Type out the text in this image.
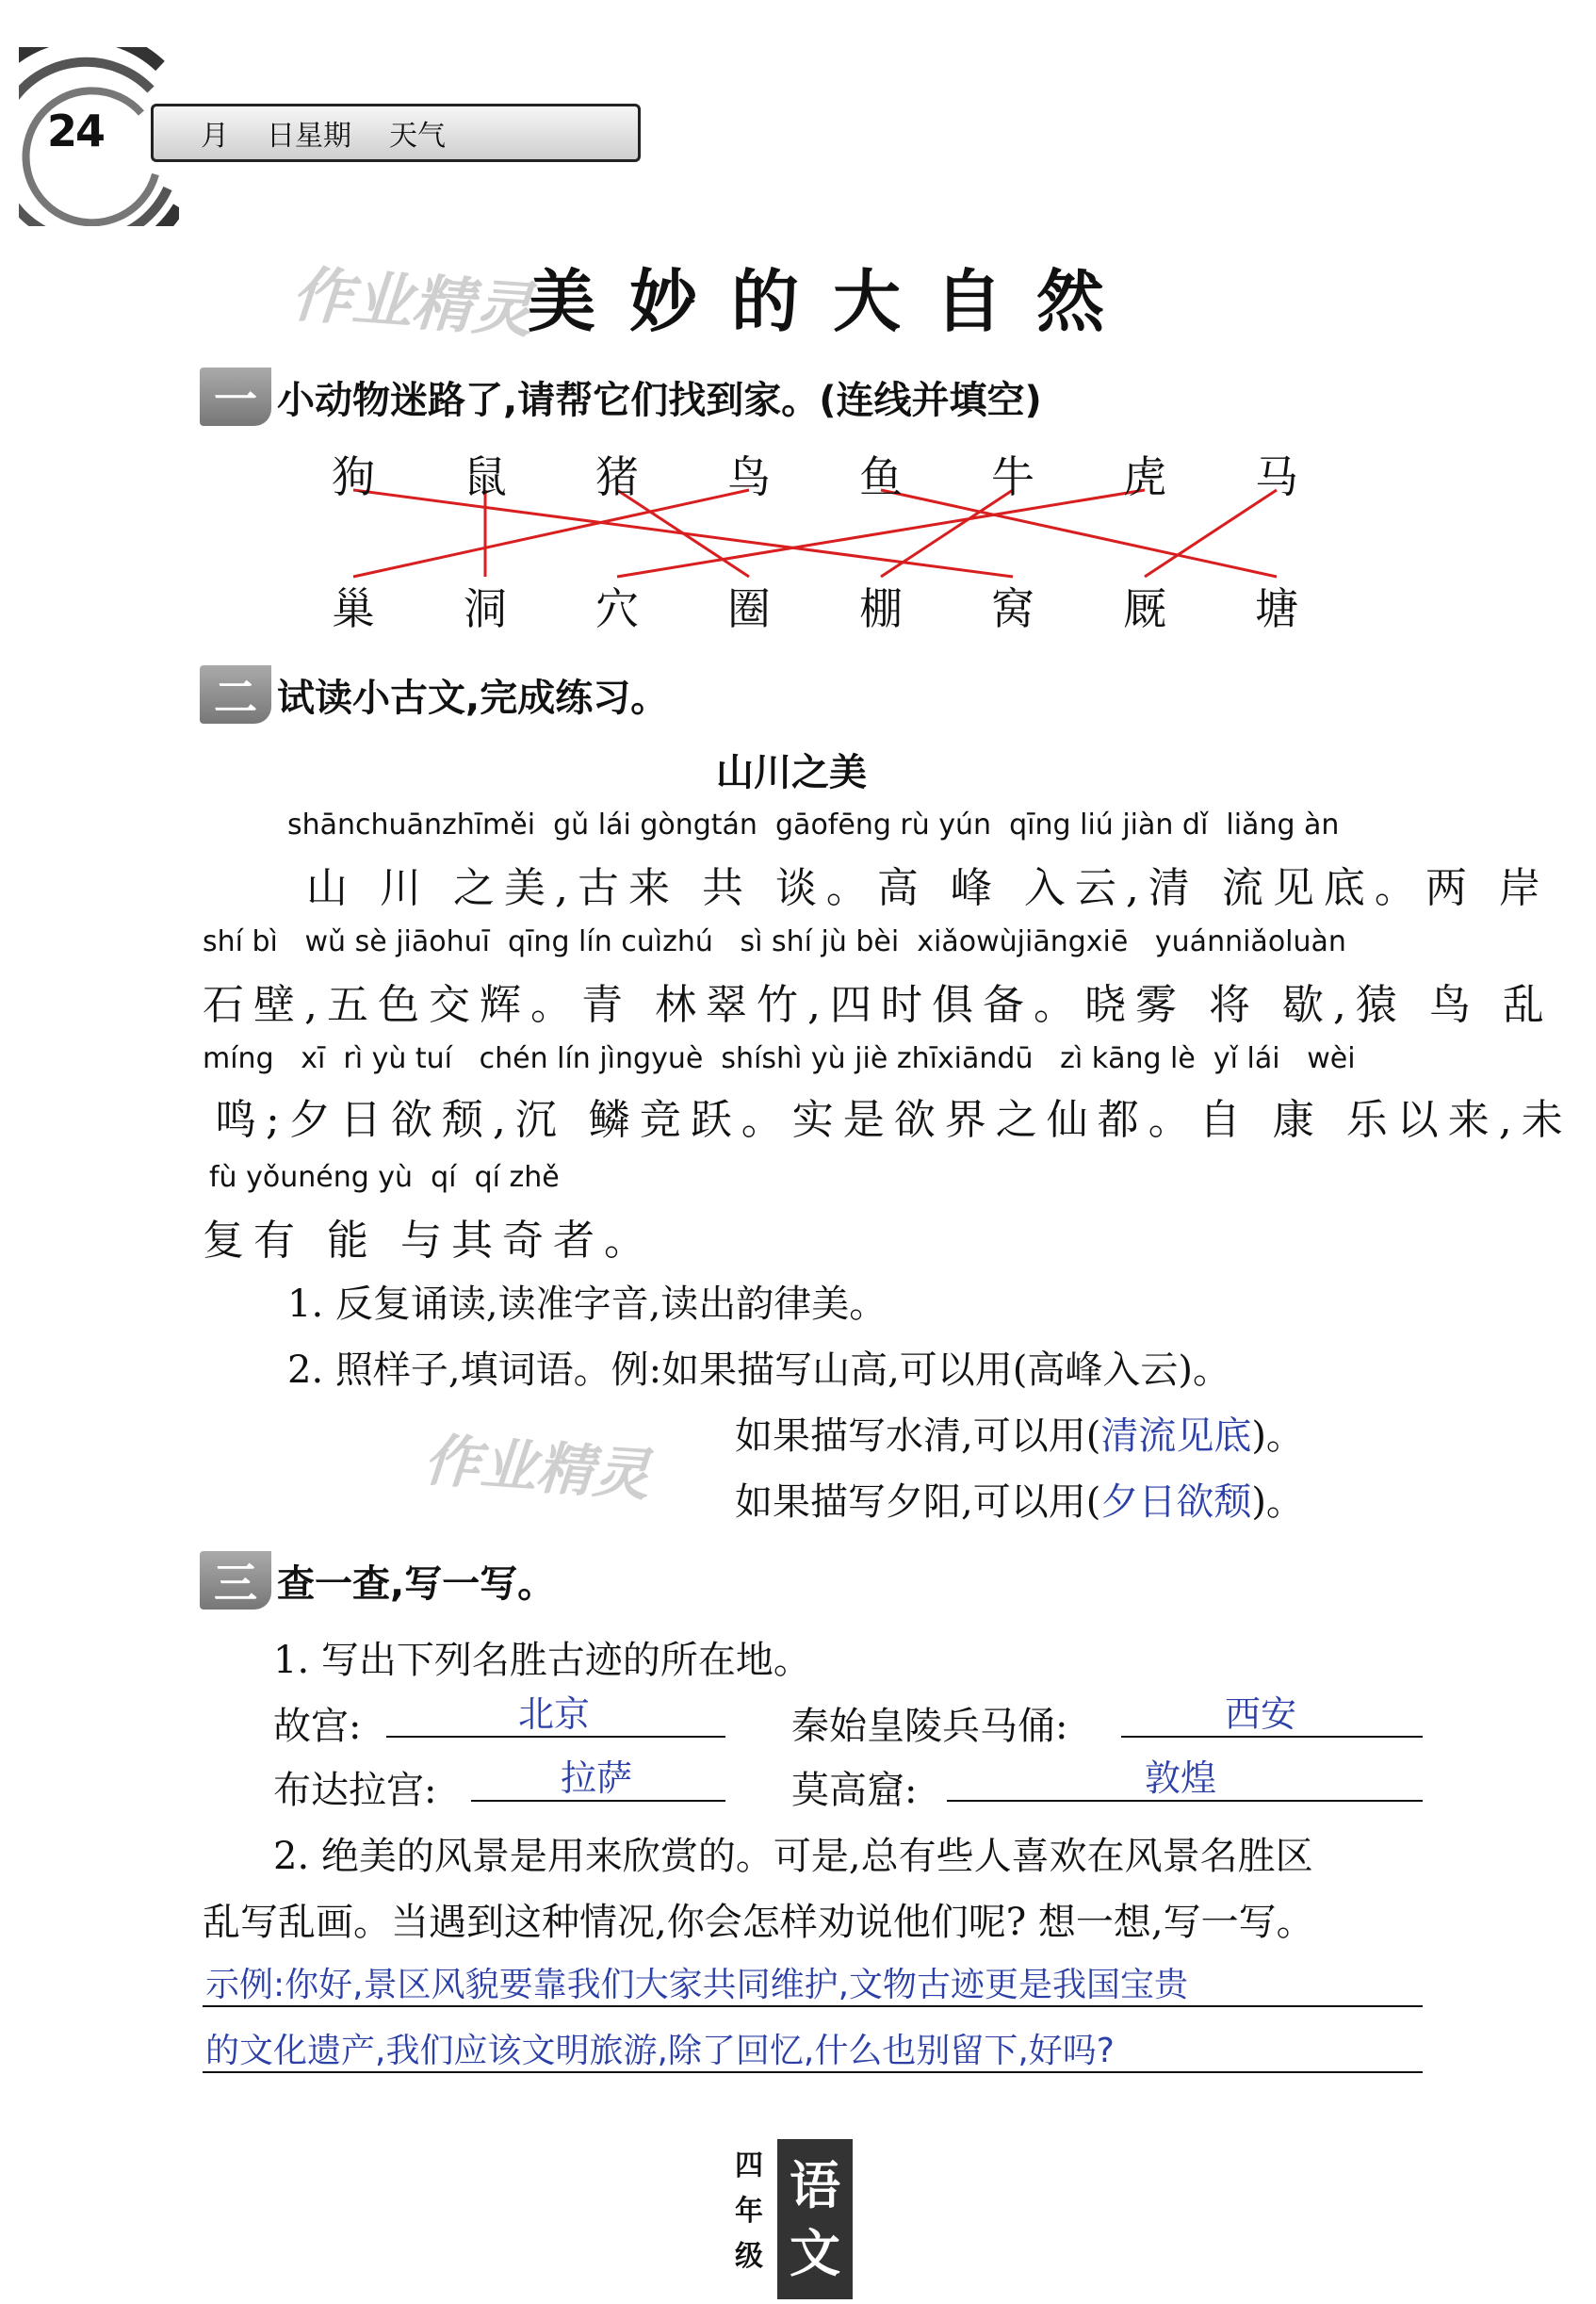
24	月 日星期 天气
作业精灵
美妙的大自然
一 小动物迷路了,请帮它们找到家。(连线并填空)
狗 鼠 猪 鸟 鱼 牛 虎 马
巢 洞 穴 圈 棚 窝 厩 塘
二 试读小古文,完成练习。
山川之美
shānchuānzhīměi  gǔ lái gòngtán  gāofēng rù yún  qīng liú jiàn dǐ  liǎng àn
山 川 之美,古来 共 谈。高 峰 入云,清 流见底。两 岸
shí bì   wǔ sè jiāohuī  qīng lín cuìzhú   sì shí jù bèi  xiǎowùjiāngxiē   yuánniǎoluàn
石壁,五色交辉。青 林翠竹,四时俱备。晓雾 将 歇,猿 鸟 乱
míng   xī  rì yù tuí   chén lín jìngyuè  shíshì yù jiè zhīxiāndū   zì kāng lè  yǐ lái   wèi
鸣;夕日欲颓,沉 鳞竞跃。实是欲界之仙都。自 康 乐以来,未
fù yǒunéng yù  qí  qí zhě
复有 能 与其奇者。
1. 反复诵读,读准字音,读出韵律美。
2. 照样子,填词语。例:如果描写山高,可以用(高峰入云)。
作业精灵 如果描写水清,可以用(清流见底)。
如果描写夕阳,可以用(夕日欲颓)。
三 查一查,写一写。
1. 写出下列名胜古迹的所在地。
故宫:	北京	秦始皇陵兵马俑:	西安
布达拉宫:	拉萨	莫高窟:	敦煌
2. 绝美的风景是用来欣赏的。可是,总有些人喜欢在风景名胜区
乱写乱画。当遇到这种情况,你会怎样劝说他们呢? 想一想,写一写。
示例:你好,景区风貌要靠我们大家共同维护,文物古迹更是我国宝贵
的文化遗产,我们应该文明旅游,除了回忆,什么也别留下,好吗?
四
年
级
语
文
